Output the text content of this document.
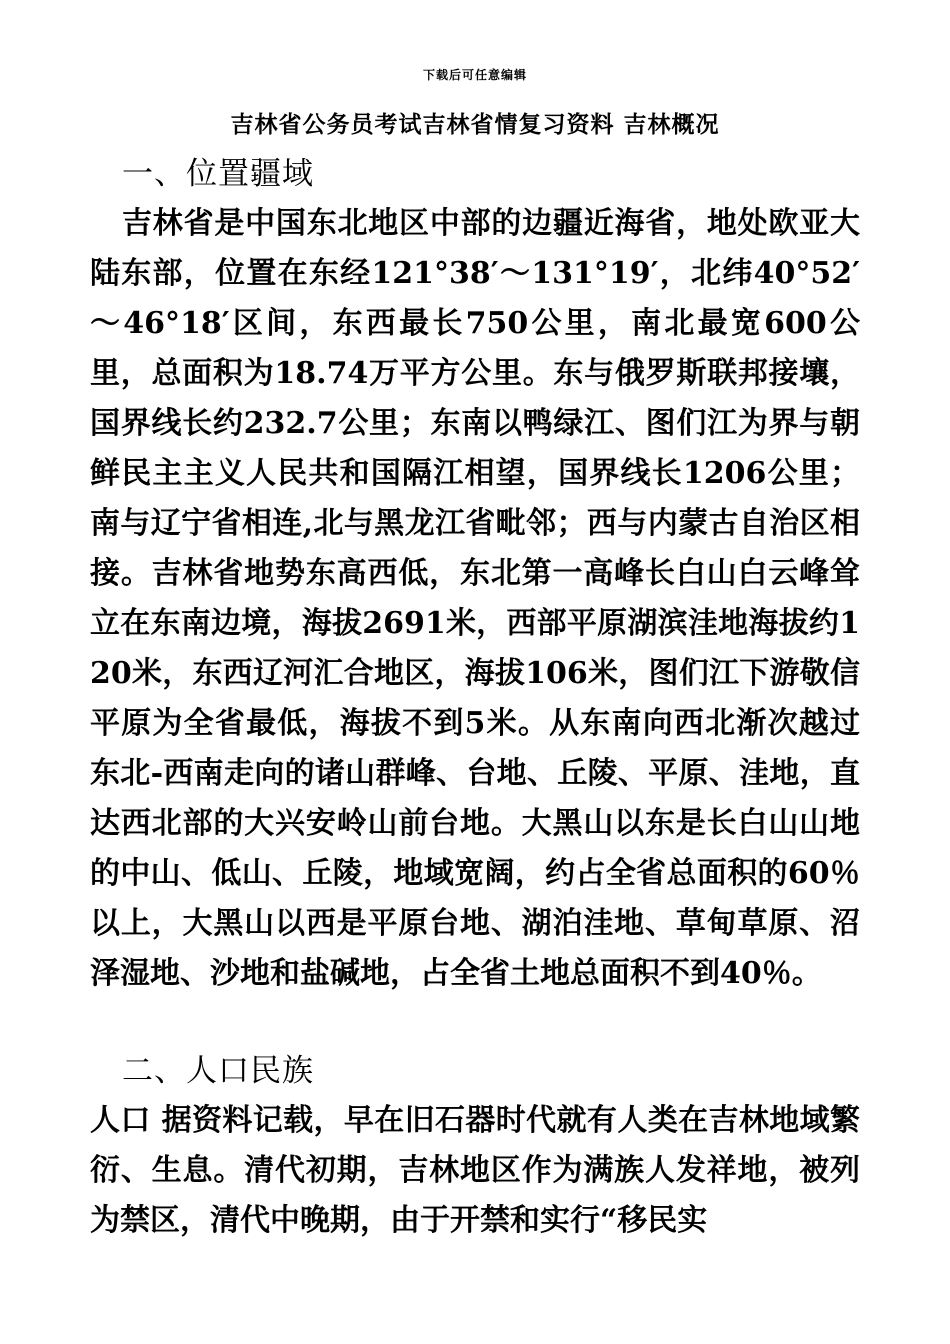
下载后可任意编辑
吉林省公务员考试吉林省情复习资料 吉林概况
一、位置疆域
吉林省是中国东北地区中部的边疆近海省，地处欧亚大陆东部，位置在东经121°38′～131°19′，北纬40°52′～46°18′区间，东西最长750公里，南北最宽600公里，总面积为18.74万平方公里。东与俄罗斯联邦接壤，国界线长约232.7公里；东南以鸭绿江、图们江为界与朝鲜民主主义人民共和国隔江相望，国界线长1206公里；南与辽宁省相连,北与黑龙江省毗邻；西与内蒙古自治区相接。吉林省地势东高西低，东北第一高峰长白山白云峰耸立在东南边境，海拔2691米，西部平原湖滨洼地海拔约120米，东西辽河汇合地区，海拔106米，图们江下游敬信平原为全省最低，海拔不到5米。从东南向西北渐次越过东北-西南走向的诸山群峰、台地、丘陵、平原、洼地，直达西北部的大兴安岭山前台地。大黑山以东是长白山山地的中山、低山、丘陵，地域宽阔，约占全省总面积的60％以上，大黑山以西是平原台地、湖泊洼地、草甸草原、沼泽湿地、沙地和盐碱地，占全省土地总面积不到40％。
二、人口民族
人口 据资料记载，早在旧石器时代就有人类在吉林地域繁衍、生息。清代初期，吉林地区作为满族人发祥地，被列为禁区，清代中晚期，由于开禁和实行“移民实
